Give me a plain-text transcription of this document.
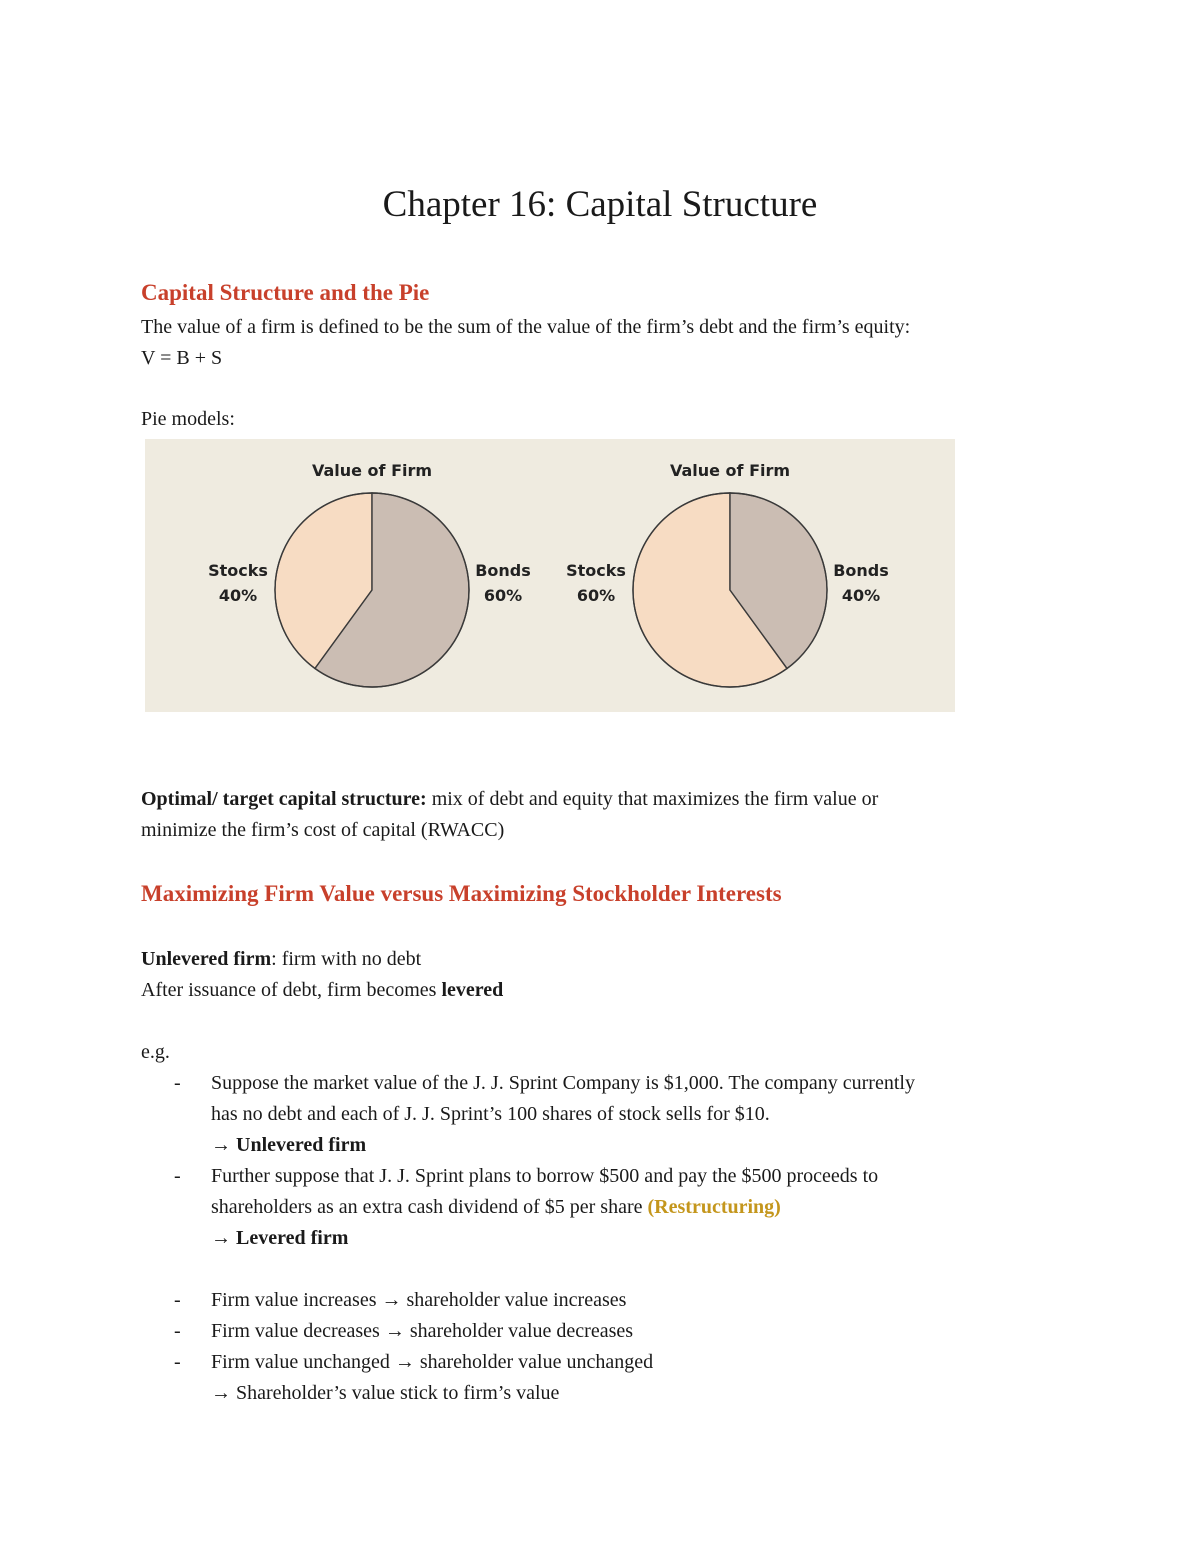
Chapter 16: Capital Structure
Capital Structure and the Pie

The value of a firm is defined to be the sum of the value of the firm’s debt and the firm’s equity:

V = B + S

Pie models:

Value of Firm
Stocks
40%
Bonds
60%
Value of Firm
Stocks
60%
Bonds
40%

Optimal/ target capital structure: mix of debt and equity that maximizes the firm value or

minimize the firm’s cost of capital (RWACC)

Maximizing Firm Value versus Maximizing Stockholder Interests

Unlevered firm: firm with no debt

After issuance of debt, firm becomes levered

e.g.

- Suppose the market value of the J. J. Sprint Company is $1,000. The company currently

has no debt and each of J. J. Sprint’s 100 shares of stock sells for $10.

→ Unlevered firm

- Further suppose that J. J. Sprint plans to borrow $500 and pay the $500 proceeds to

shareholders as an extra cash dividend of $5 per share (Restructuring)

→ Levered firm

- Firm value increases → shareholder value increases

- Firm value decreases → shareholder value decreases

- Firm value unchanged → shareholder value unchanged

→ Shareholder’s value stick to firm’s value
